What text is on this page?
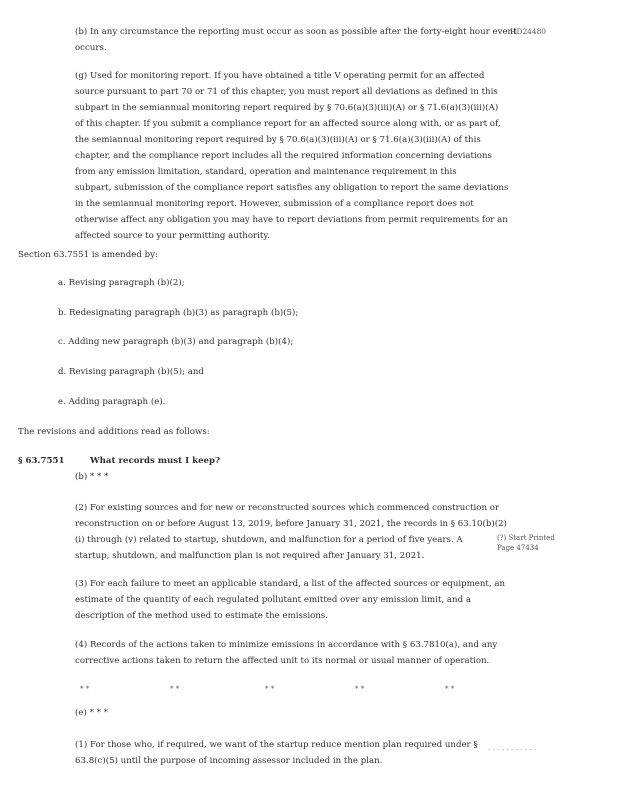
HD24480
(b) In any circumstance the reporting must occur as soon as possible after the forty-eight hour event
occurs.
(g) Used for monitoring report. If you have obtained a title V operating permit for an affected
source pursuant to part 70 or 71 of this chapter, you must report all deviations as defined in this
subpart in the semiannual monitoring report required by § 70.6(a)(3)(iii)(A) or § 71.6(a)(3)(iii)(A)
of this chapter. If you submit a compliance report for an affected source along with, or as part of,
the semiannual monitoring report required by § 70.6(a)(3)(iii)(A) or § 71.6(a)(3)(iii)(A) of this
chapter, and the compliance report includes all the required information concerning deviations
from any emission limitation, standard, operation and maintenance requirement in this
subpart, submission of the compliance report satisfies any obligation to report the same deviations
in the semiannual monitoring report. However, submission of a compliance report does not
otherwise affect any obligation you may have to report deviations from permit requirements for an
affected source to your permitting authority.
Section 63.7551 is amended by:
a. Revising paragraph (b)(2);
b. Redesignating paragraph (b)(3) as paragraph (b)(5);
c. Adding new paragraph (b)(3) and paragraph (b)(4);
d. Revising paragraph (b)(5); and
e. Adding paragraph (e).
The revisions and additions read as follows:
§ 63.7551	What records must I keep?
(b) * * *
(2) For existing sources and for new or reconstructed sources which commenced construction or
reconstruction on or before August 13, 2019, before January 31, 2021, the records in § 63.10(b)(2)
(i) through (v) related to startup, shutdown, and malfunction for a period of five years. A
startup, shutdown, and malfunction plan is not required after January 31, 2021.
(?) Start Printed
Page 47434
(3) For each failure to meet an applicable standard, a list of the affected sources or equipment, an
estimate of the quantity of each regulated pollutant emitted over any emission limit, and a
description of the method used to estimate the emissions.
(4) Records of the actions taken to minimize emissions in accordance with § 63.7810(a), and any
corrective actions taken to return the affected unit to its normal or usual manner of operation.
* *	* *	* *	* *	* *
(e) * * *
(1) For those who, if required, we want of the startup reduce mention plan required under §
63.8(c)(5) until the purpose of incoming assessor included in the plan.
- - - - - - - - - - -
